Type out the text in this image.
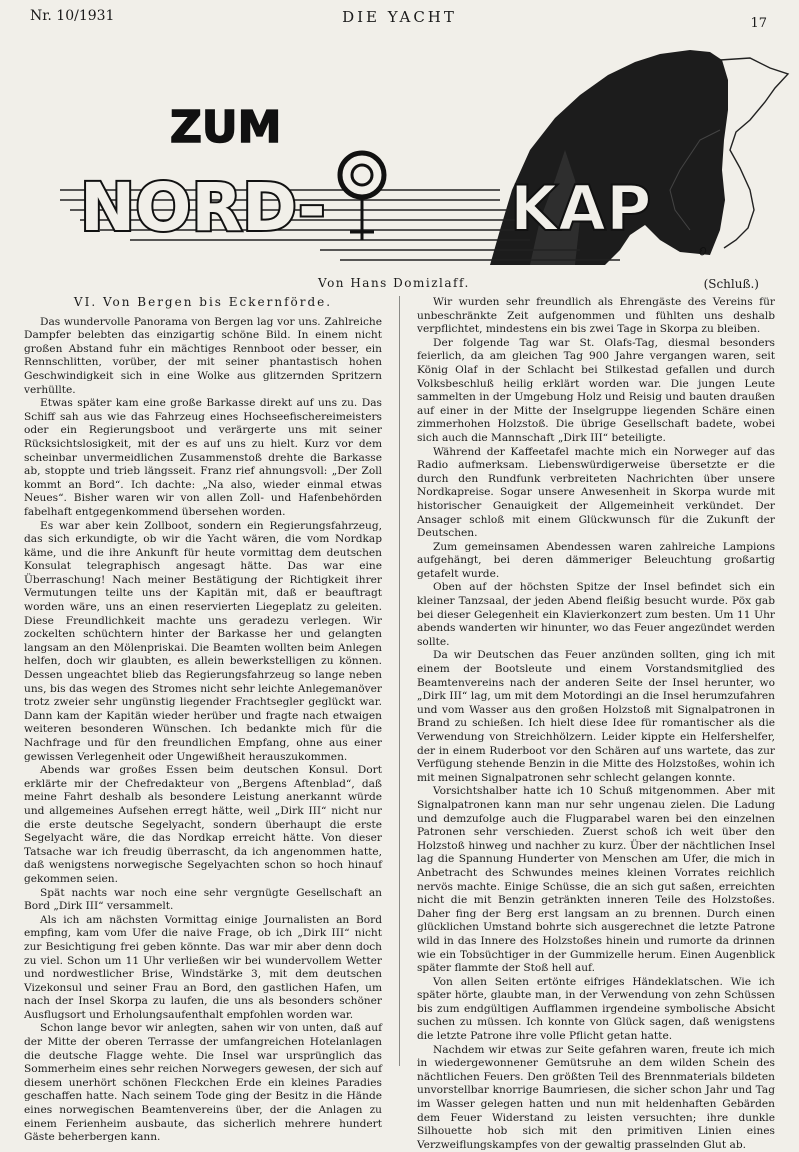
Nr. 10/1931	DIE YACHT	17
ZUM
NORD-	KAP
Von Hans Domizlaff.	(Schluß.)
VI. Von Bergen bis Eckernförde.

Das wundervolle Panorama von Bergen lag vor uns. Zahlreiche Dampfer belebten das einzigartig schöne Bild. In einem nicht großen Abstand fuhr ein mächtiges Rennboot oder besser, ein Rennschlitten, vorüber, der mit seiner phantastisch hohen Geschwindigkeit sich in eine Wolke aus glitzernden Spritzern verhüllte.

Etwas später kam eine große Barkasse direkt auf uns zu. Das Schiff sah aus wie das Fahrzeug eines Hochseefischereimeisters oder ein Regierungsboot und verärgerte uns mit seiner Rücksichtslosigkeit, mit der es auf uns zu hielt. Kurz vor dem scheinbar unvermeidlichen Zusammenstoß drehte die Barkasse ab, stoppte und trieb längsseit. Franz rief ahnungsvoll: „Der Zoll kommt an Bord“. Ich dachte: „Na also, wieder einmal etwas Neues“. Bisher waren wir von allen Zoll- und Hafenbehörden fabelhaft entgegenkommend übersehen worden.

Es war aber kein Zollboot, sondern ein Regierungsfahrzeug, das sich erkundigte, ob wir die Yacht wären, die vom Nordkap käme, und die ihre Ankunft für heute vormittag dem deutschen Konsulat telegraphisch angesagt hätte. Das war eine Überraschung! Nach meiner Bestätigung der Richtigkeit ihrer Vermutungen teilte uns der Kapitän mit, daß er beauftragt worden wäre, uns an einen reservierten Liegeplatz zu geleiten. Diese Freundlichkeit machte uns geradezu verlegen. Wir zockelten schüchtern hinter der Barkasse her und gelangten langsam an den Mölenpriskai. Die Beamten wollten beim Anlegen helfen, doch wir glaubten, es allein bewerkstelligen zu können. Dessen ungeachtet blieb das Regierungsfahrzeug so lange neben uns, bis das wegen des Stromes nicht sehr leichte Anlegemanöver trotz zweier sehr ungünstig liegender Frachtsegler geglückt war. Dann kam der Kapitän wieder herüber und fragte nach etwaigen weiteren besonderen Wünschen. Ich bedankte mich für die Nachfrage und für den freundlichen Empfang, ohne aus einer gewissen Verlegenheit oder Ungewißheit herauszukommen.

Abends war großes Essen beim deutschen Konsul. Dort erklärte mir der Chefredakteur von „Bergens Aftenblad“, daß meine Fahrt deshalb als besondere Leistung anerkannt würde und allgemeines Aufsehen erregt hätte, weil „Dirk III“ nicht nur die erste deutsche Segelyacht, sondern überhaupt die erste Segelyacht wäre, die das Nordkap erreicht hätte. Von dieser Tatsache war ich freudig überrascht, da ich angenommen hatte, daß wenigstens norwegische Segelyachten schon so hoch hinauf gekommen seien.

Spät nachts war noch eine sehr vergnügte Gesellschaft an Bord „Dirk III“ versammelt.

Als ich am nächsten Vormittag einige Journalisten an Bord empfing, kam vom Ufer die naive Frage, ob ich „Dirk III“ nicht zur Besichtigung frei geben könnte. Das war mir aber denn doch zu viel. Schon um 11 Uhr verließen wir bei wundervollem Wetter und nordwestlicher Brise, Windstärke 3, mit dem deutschen Vizekonsul und seiner Frau an Bord, den gastlichen Hafen, um nach der Insel Skorpa zu laufen, die uns als besonders schöner Ausflugsort und Erholungsaufenthalt empfohlen worden war.

Schon lange bevor wir anlegten, sahen wir von unten, daß auf der Mitte der oberen Terrasse der umfangreichen Hotelanlagen die deutsche Flagge wehte. Die Insel war ursprünglich das Sommerheim eines sehr reichen Norwegers gewesen, der sich auf diesem unerhört schönen Fleckchen Erde ein kleines Paradies geschaffen hatte. Nach seinem Tode ging der Besitz in die Hände eines norwegischen Beamtenvereins über, der die Anlagen zu einem Ferienheim ausbaute, das sicherlich mehrere hundert Gäste beherbergen kann.

Wir wurden sehr freundlich als Ehrengäste des Vereins für unbeschränkte Zeit aufgenommen und fühlten uns deshalb verpflichtet, mindestens ein bis zwei Tage in Skorpa zu bleiben.

Der folgende Tag war St. Olafs-Tag, diesmal besonders feierlich, da am gleichen Tag 900 Jahre vergangen waren, seit König Olaf in der Schlacht bei Stilkestad gefallen und durch Volksbeschluß heilig erklärt worden war. Die jungen Leute sammelten in der Umgebung Holz und Reisig und bauten draußen auf einer in der Mitte der Inselgruppe liegenden Schäre einen zimmerhohen Holzstoß. Die übrige Gesellschaft badete, wobei sich auch die Mannschaft „Dirk III“ beteiligte.

Während der Kaffeetafel machte mich ein Norweger auf das Radio aufmerksam. Liebenswürdigerweise übersetzte er die durch den Rundfunk verbreiteten Nachrichten über unsere Nordkapreise. Sogar unsere Anwesenheit in Skorpa wurde mit historischer Genauigkeit der Allgemeinheit verkündet. Der Ansager schloß mit einem Glückwunsch für die Zukunft der Deutschen.

Zum gemeinsamen Abendessen waren zahlreiche Lampions aufgehängt, bei deren dämmeriger Beleuchtung großartig getafelt wurde.

Oben auf der höchsten Spitze der Insel befindet sich ein kleiner Tanzsaal, der jeden Abend fleißig besucht wurde. Pöx gab bei dieser Gelegenheit ein Klavierkonzert zum besten. Um 11 Uhr abends wanderten wir hinunter, wo das Feuer angezündet werden sollte.

Da wir Deutschen das Feuer anzünden sollten, ging ich mit einem der Bootsleute und einem Vorstandsmitglied des Beamtenvereins nach der anderen Seite der Insel herunter, wo „Dirk III“ lag, um mit dem Motordingi an die Insel herumzufahren und vom Wasser aus den großen Holzstoß mit Signalpatronen in Brand zu schießen. Ich hielt diese Idee für romantischer als die Verwendung von Streichhölzern. Leider kippte ein Helfershelfer, der in einem Ruderboot vor den Schären auf uns wartete, das zur Verfügung stehende Benzin in die Mitte des Holzstoßes, wohin ich mit meinen Signalpatronen sehr schlecht gelangen konnte.

Vorsichtshalber hatte ich 10 Schuß mitgenommen. Aber mit Signalpatronen kann man nur sehr ungenau zielen. Die Ladung und demzufolge auch die Flugparabel waren bei den einzelnen Patronen sehr verschieden. Zuerst schoß ich weit über den Holzstoß hinweg und nachher zu kurz. Über der nächtlichen Insel lag die Spannung Hunderter von Menschen am Ufer, die mich in Anbetracht des Schwundes meines kleinen Vorrates reichlich nervös machte. Einige Schüsse, die an sich gut saßen, erreichten nicht die mit Benzin getränkten inneren Teile des Holzstoßes. Daher fing der Berg erst langsam an zu brennen. Durch einen glücklichen Umstand bohrte sich ausgerechnet die letzte Patrone wild in das Innere des Holzstoßes hinein und rumorte da drinnen wie ein Tobsüchtiger in der Gummizelle herum. Einen Augenblick später flammte der Stoß hell auf.

Von allen Seiten ertönte eifriges Händeklatschen. Wie ich später hörte, glaubte man, in der Verwendung von zehn Schüssen bis zum endgültigen Aufflammen irgendeine symbolische Absicht suchen zu müssen. Ich konnte von Glück sagen, daß wenigstens die letzte Patrone ihre volle Pflicht getan hatte.

Nachdem wir etwas zur Seite gefahren waren, freute ich mich in wiedergewonnener Gemütsruhe an dem wilden Schein des nächtlichen Feuers. Den größten Teil des Brennmaterials bildeten unvorstellbar knorrige Baumriesen, die sicher schon Jahr und Tag im Wasser gelegen hatten und nun mit heldenhaften Gebärden dem Feuer Widerstand zu leisten versuchten; ihre dunkle Silhouette hob sich mit den primitiven Linien eines Verzweiflungskampfes von der gewaltig prasselnden Glut ab.
